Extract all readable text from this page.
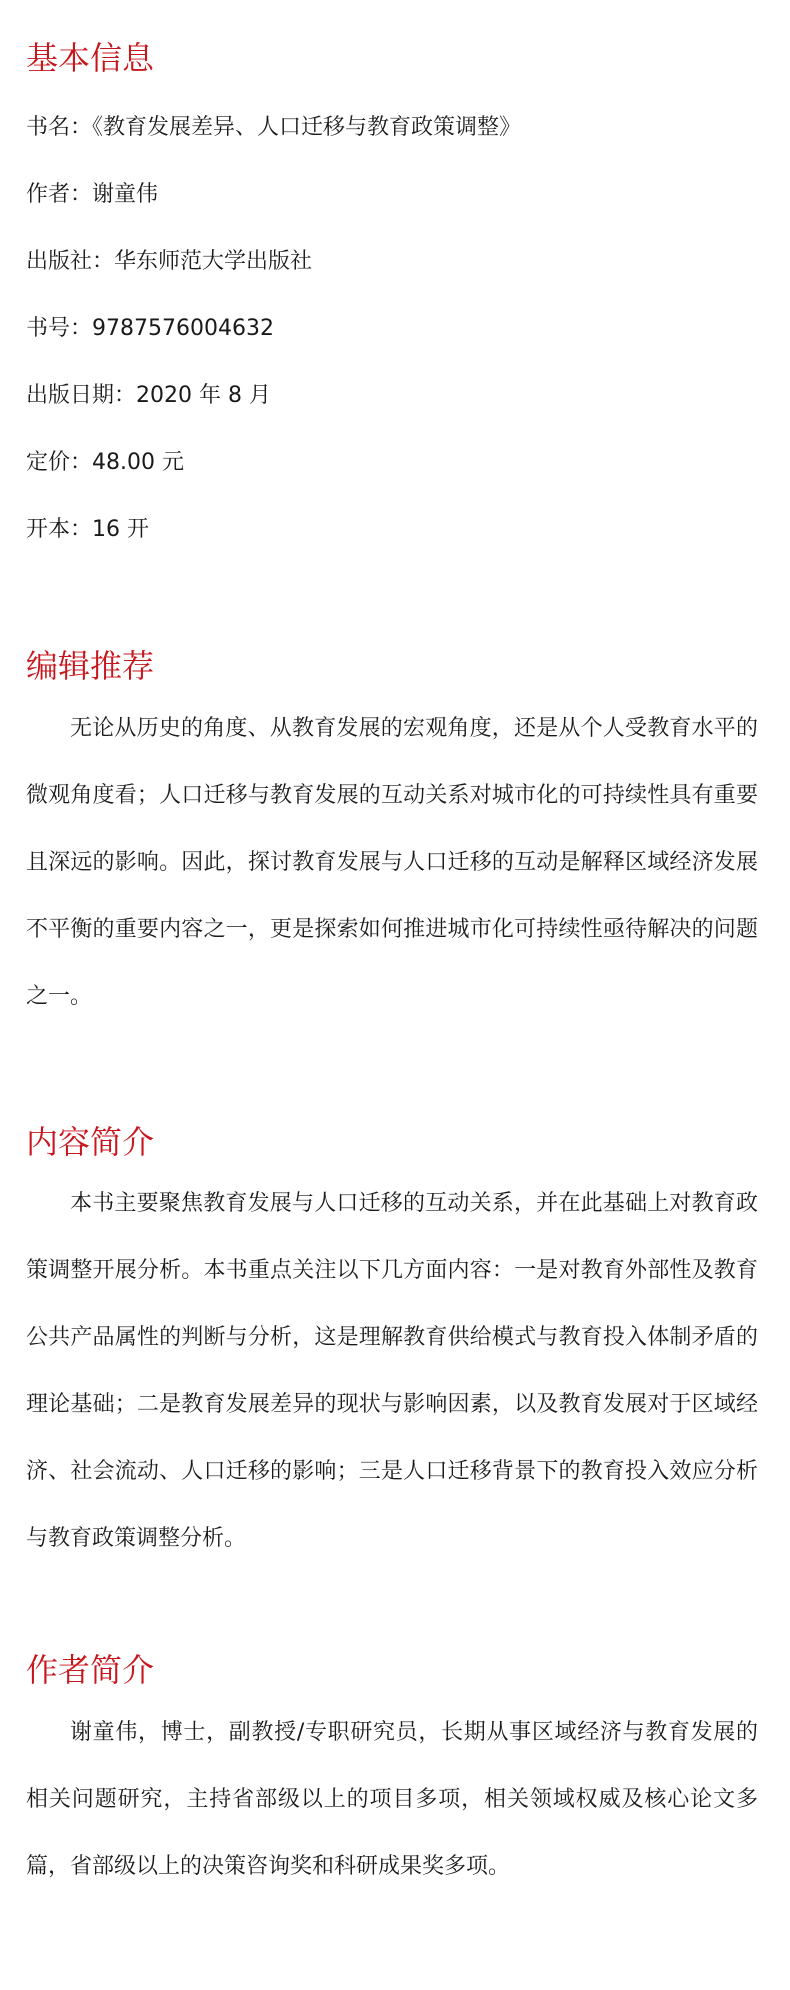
基本信息

书名：《教育发展差异、人口迁移与教育政策调整》

作者：谢童伟

出版社：华东师范大学出版社

书号：9787576004632

出版日期：2020 年 8 月

定价：48.00 元

开本：16 开

编辑推荐

无论从历史的角度、从教育发展的宏观角度，还是从个人受教育水平的微观角度看；人口迁移与教育发展的互动关系对城市化的可持续性具有重要且深远的影响。因此，探讨教育发展与人口迁移的互动是解释区域经济发展不平衡的重要内容之一，更是探索如何推进城市化可持续性亟待解决的问题之一。

内容简介

本书主要聚焦教育发展与人口迁移的互动关系，并在此基础上对教育政策调整开展分析。本书重点关注以下几方面内容：一是对教育外部性及教育公共产品属性的判断与分析，这是理解教育供给模式与教育投入体制矛盾的理论基础；二是教育发展差异的现状与影响因素，以及教育发展对于区域经济、社会流动、人口迁移的影响；三是人口迁移背景下的教育投入效应分析与教育政策调整分析。

作者简介

谢童伟，博士，副教授/专职研究员，长期从事区域经济与教育发展的相关问题研究，主持省部级以上的项目多项，相关领域权威及核心论文多篇，省部级以上的决策咨询奖和科研成果奖多项。
